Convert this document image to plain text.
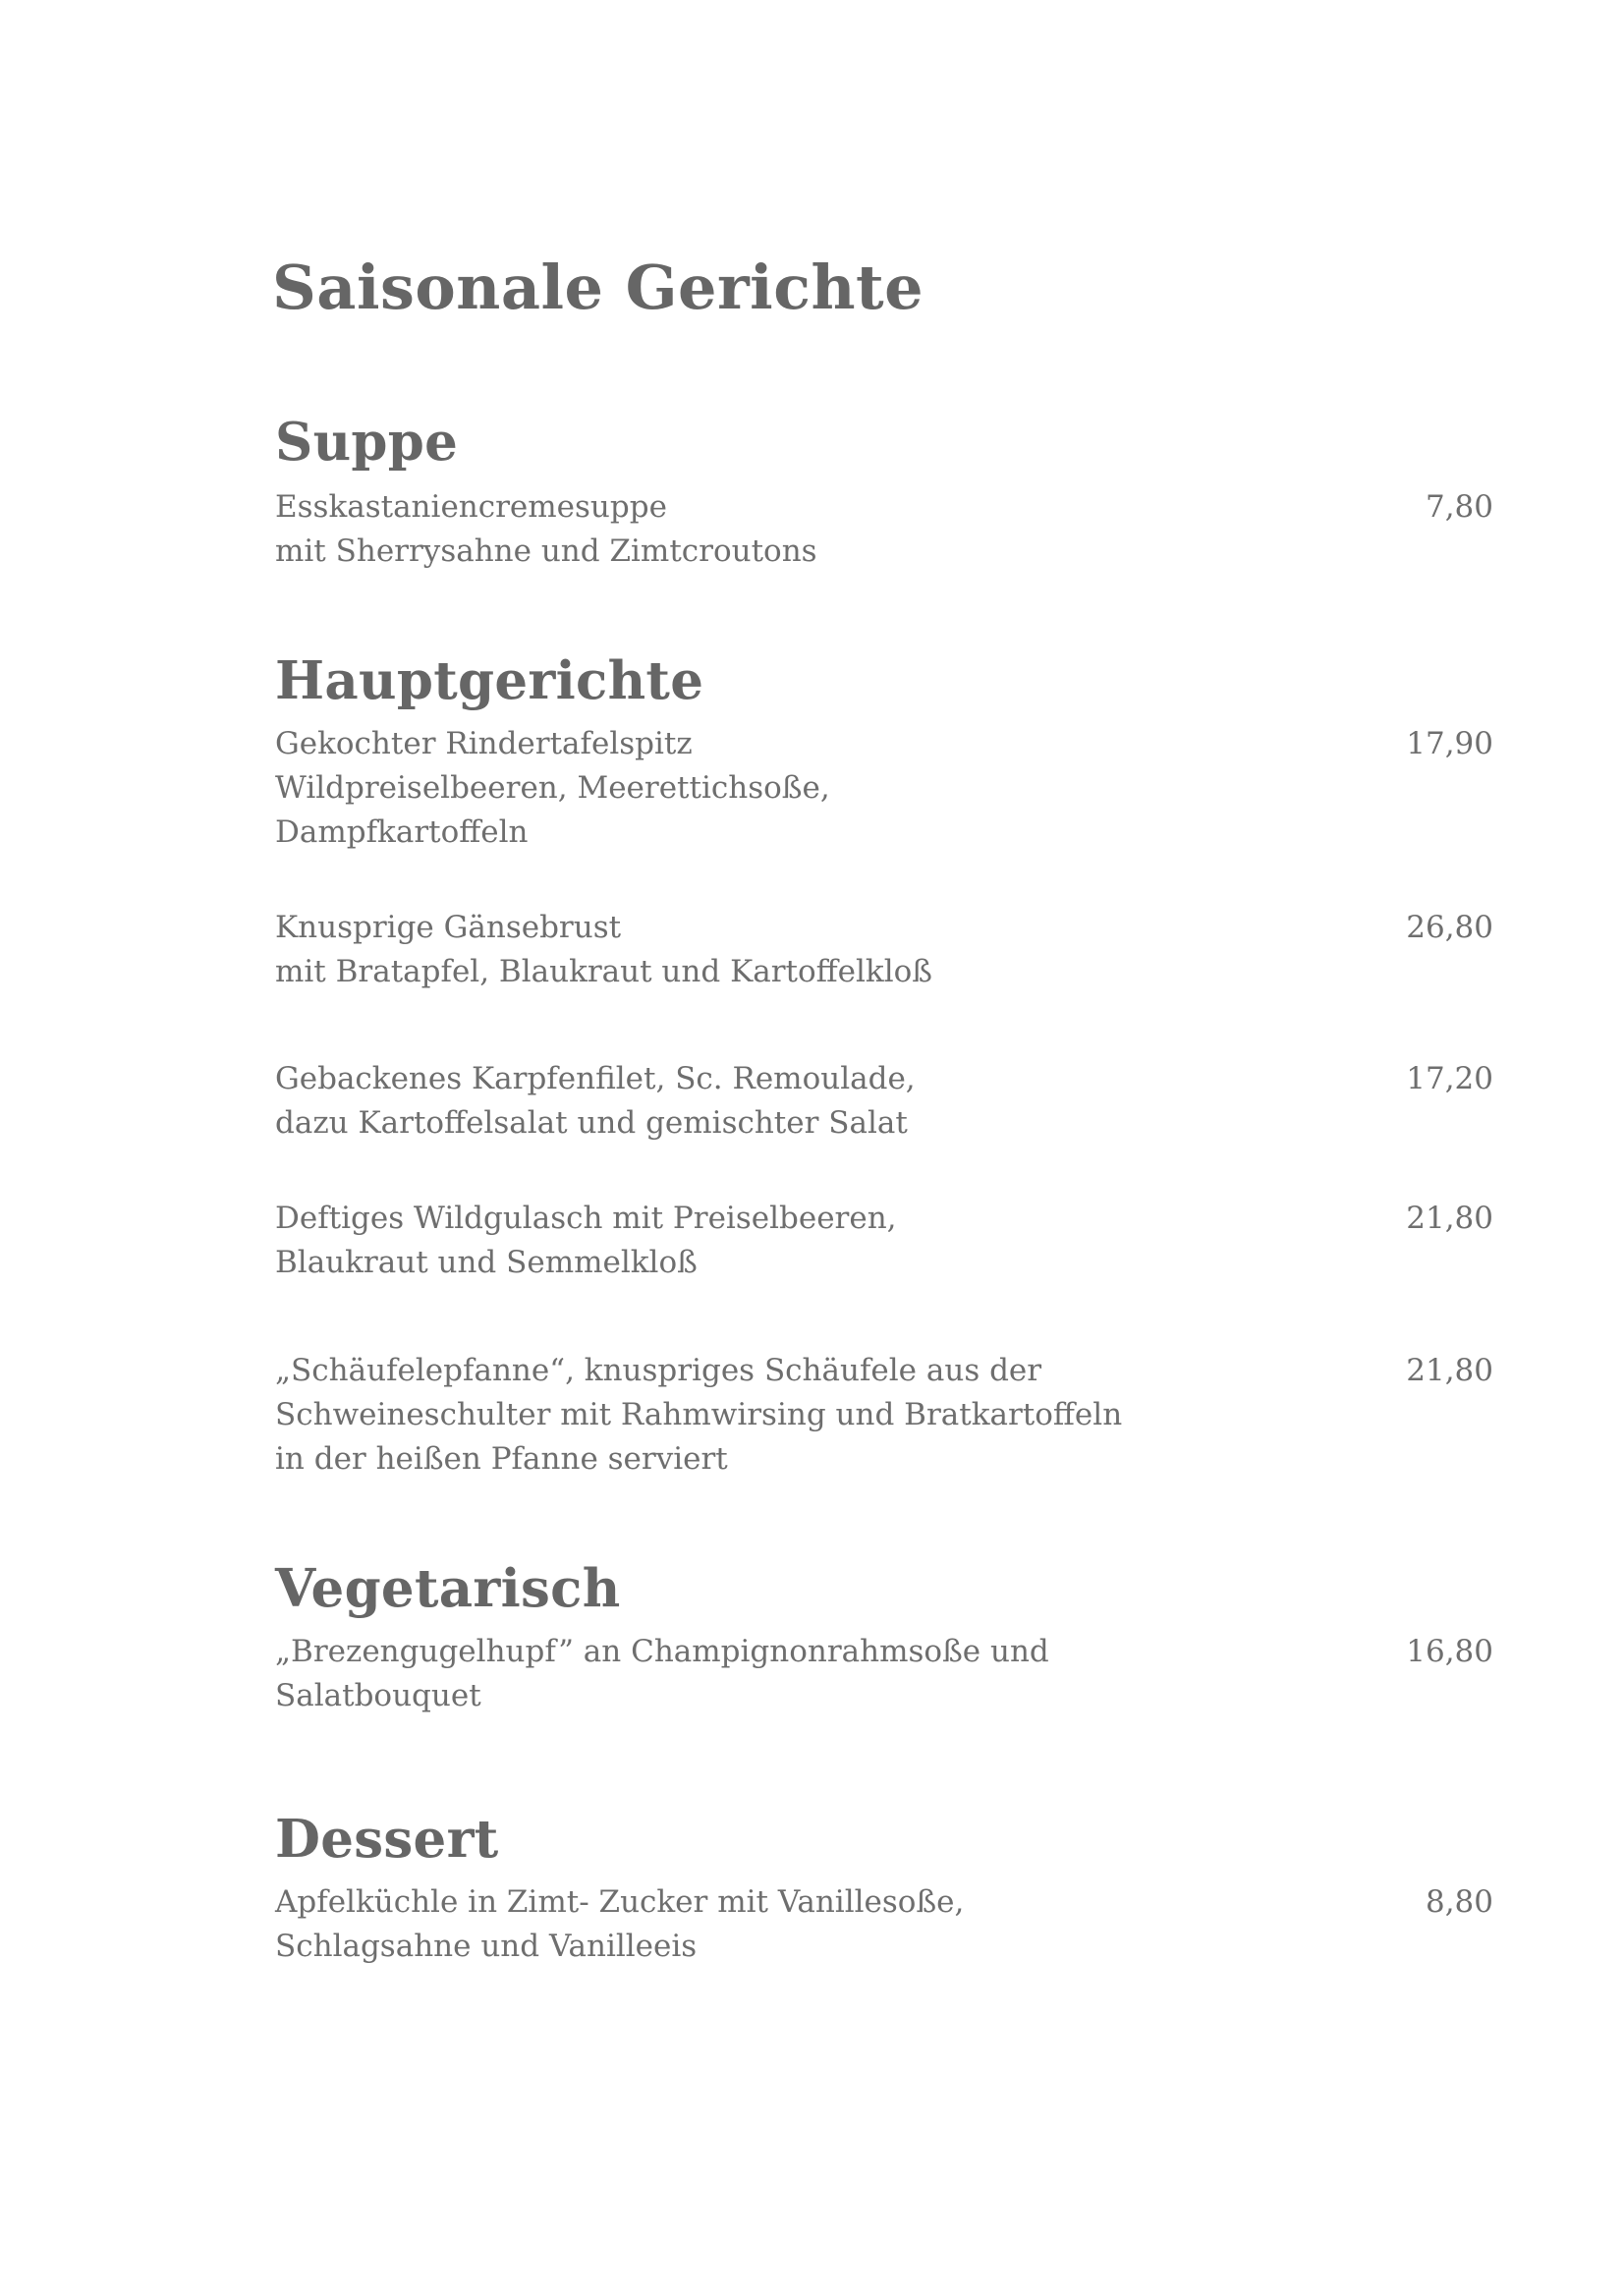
Saisonale Gerichte
Suppe
Esskastaniencremesuppe
mit Sherrysahne und Zimtcroutons
7,80
Hauptgerichte
Gekochter Rindertafelspitz
Wildpreiselbeeren, Meerettichsoße,
Dampfkartoffeln
17,90
Knusprige Gänsebrust
mit Bratapfel, Blaukraut und Kartoffelkloß
26,80
Gebackenes Karpfenfilet, Sc. Remoulade,
dazu Kartoffelsalat und gemischter Salat
17,20
Deftiges Wildgulasch mit Preiselbeeren,
Blaukraut und Semmelkloß
21,80
„Schäufelepfanne“, knuspriges Schäufele aus der
Schweineschulter mit Rahmwirsing und Bratkartoffeln
in der heißen Pfanne serviert
21,80
Vegetarisch
„Brezengugelhupf” an Champignonrahmsoße und
Salatbouquet
16,80
Dessert
Apfelküchle in Zimt- Zucker mit Vanillesoße,
Schlagsahne und Vanilleeis
8,80
